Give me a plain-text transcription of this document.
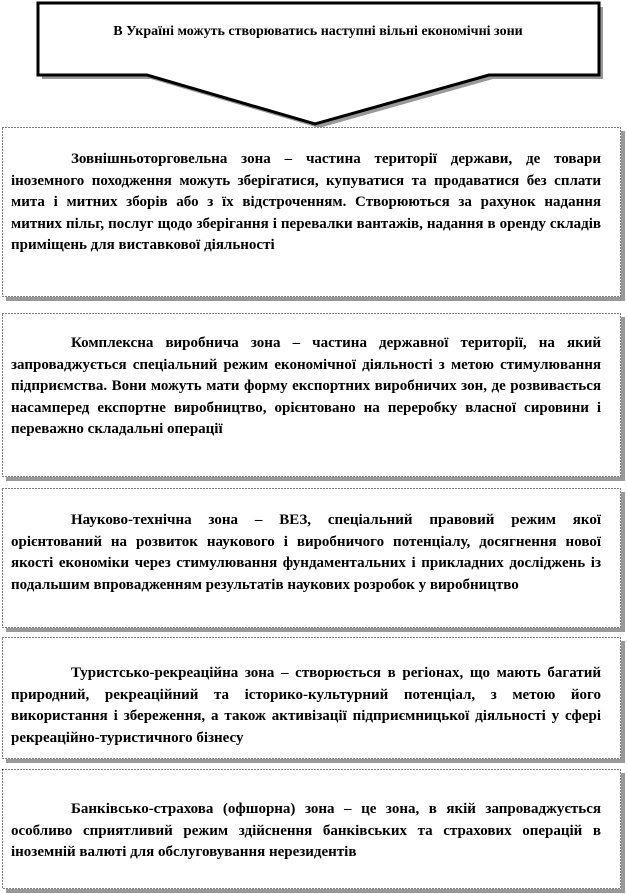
В Україні можуть створюватись наступні вільні економічні зони

Зовнішньоторговельна зона – частина території держави, де товари іноземного походження можуть зберігатися, купуватися та продаватися без сплати мита і митних зборів або з їх відстроченням. Створюються за рахунок надання митних пільг, послуг щодо зберігання і перевалки вантажів, надання в оренду складів приміщень для виставкової діяльності

Комплексна виробнича зона – частина державної території, на який запроваджується спеціальний режим економічної діяльності з метою стимулювання підприємства. Вони можуть мати форму експортних виробничих зон, де розвивається насамперед експортне виробництво, орієнтовано на переробку власної сировини і переважно складальні операції

Науково-технічна зона – ВЕЗ, спеціальний правовий режим якої орієнтований на розвиток наукового і виробничого потенціалу, досягнення нової якості економіки через стимулювання фундаментальних і прикладних досліджень із подальшим впровадженням результатів наукових розробок у виробництво

Туристсько-рекреаційна зона – створюється в регіонах, що мають багатий природний, рекреаційний та історико-культурний потенціал, з метою його використання і збереження, а також активізації підприємницької діяльності у сфері рекреаційно-туристичного бізнесу

Банківсько-страхова (офшорна) зона – це зона, в якій запроваджується особливо сприятливий режим здійснення банківських та страхових операцій в іноземній валюті для обслуговування нерезидентів
